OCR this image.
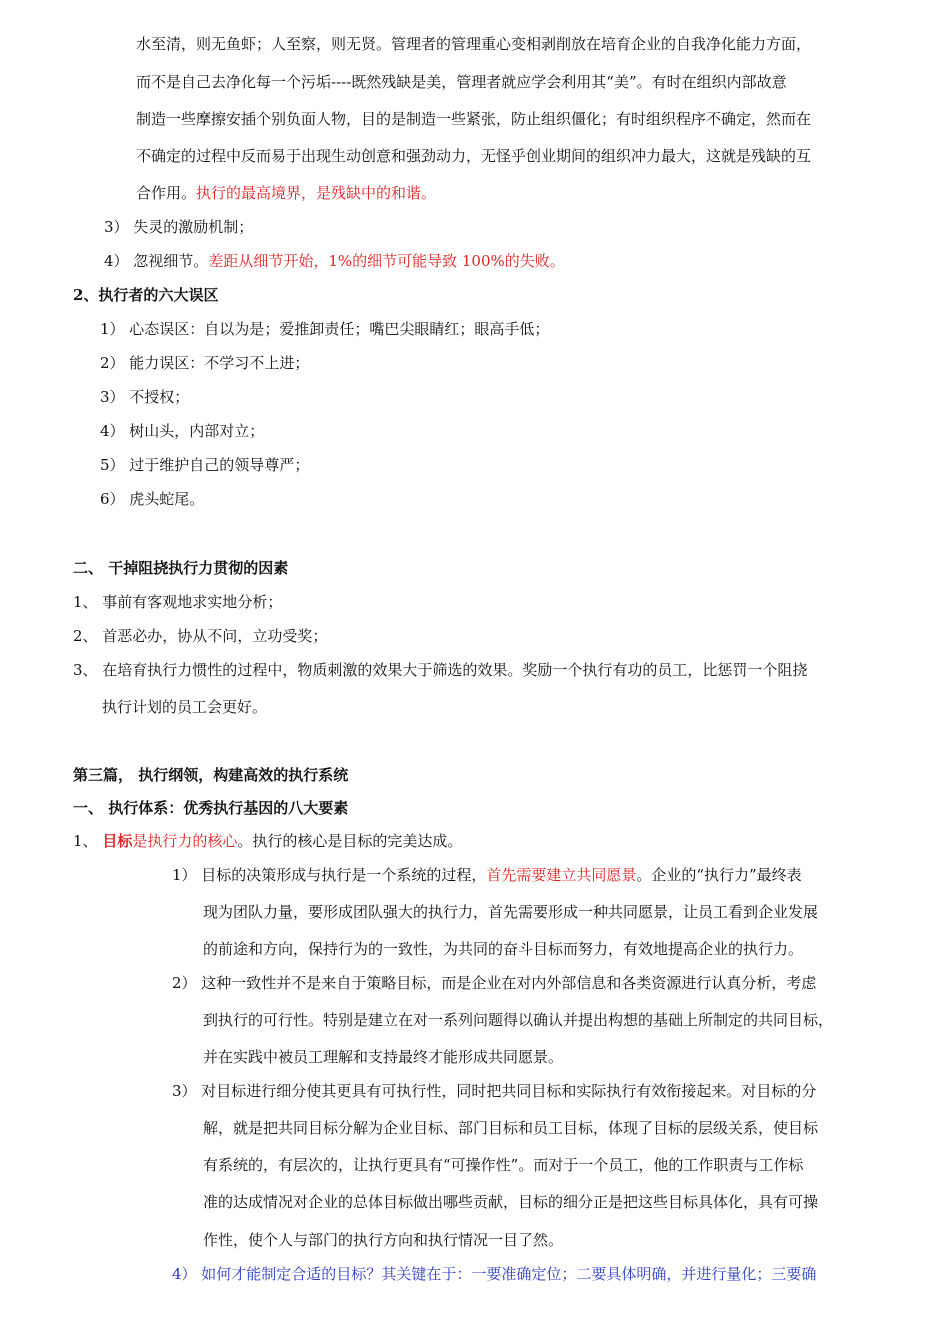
水至清，则无鱼虾；人至察，则无贤。管理者的管理重心变相剥削放在培育企业的自我净化能力方面，
而不是自己去净化每一个污垢----既然残缺是美，管理者就应学会利用其“美”。有时在组织内部故意
制造一些摩擦安插个别负面人物，目的是制造一些紧张，防止组织僵化；有时组织程序不确定，然而在
不确定的过程中反而易于出现生动创意和强劲动力，无怪乎创业期间的组织冲力最大，这就是残缺的互
合作用。执行的最高境界，是残缺中的和谐。
3） 失灵的激励机制；
4） 忽视细节。差距从细节开始，1%的细节可能导致 100%的失败。
2、执行者的六大误区
1） 心态误区：自以为是；爱推卸责任；嘴巴尖眼睛红；眼高手低；
2） 能力误区：不学习不上进；
3） 不授权；
4） 树山头，内部对立；
5） 过于维护自己的领导尊严；
6） 虎头蛇尾。
二、 干掉阻挠执行力贯彻的因素
1、 事前有客观地求实地分析；
2、 首恶必办，协从不问，立功受奖；
3、 在培育执行力惯性的过程中，物质刺激的效果大于筛选的效果。奖励一个执行有功的员工，比惩罚一个阻挠
执行计划的员工会更好。
第三篇， 执行纲领，构建高效的执行系统
一、 执行体系：优秀执行基因的八大要素
1、 目标是执行力的核心。执行的核心是目标的完美达成。
1） 目标的决策形成与执行是一个系统的过程，首先需要建立共同愿景。企业的“执行力”最终表
现为团队力量，要形成团队强大的执行力，首先需要形成一种共同愿景，让员工看到企业发展
的前途和方向，保持行为的一致性，为共同的奋斗目标而努力，有效地提高企业的执行力。
2） 这种一致性并不是来自于策略目标，而是企业在对内外部信息和各类资源进行认真分析，考虑
到执行的可行性。特别是建立在对一系列问题得以确认并提出构想的基础上所制定的共同目标，
并在实践中被员工理解和支持最终才能形成共同愿景。
3） 对目标进行细分使其更具有可执行性，同时把共同目标和实际执行有效衔接起来。对目标的分
解，就是把共同目标分解为企业目标、部门目标和员工目标，体现了目标的层级关系，使目标
有系统的，有层次的，让执行更具有“可操作性”。而对于一个员工，他的工作职责与工作标
准的达成情况对企业的总体目标做出哪些贡献，目标的细分正是把这些目标具体化，具有可操
作性，使个人与部门的执行方向和执行情况一目了然。
4） 如何才能制定合适的目标？其关键在于：一要准确定位；二要具体明确，并进行量化；三要确
